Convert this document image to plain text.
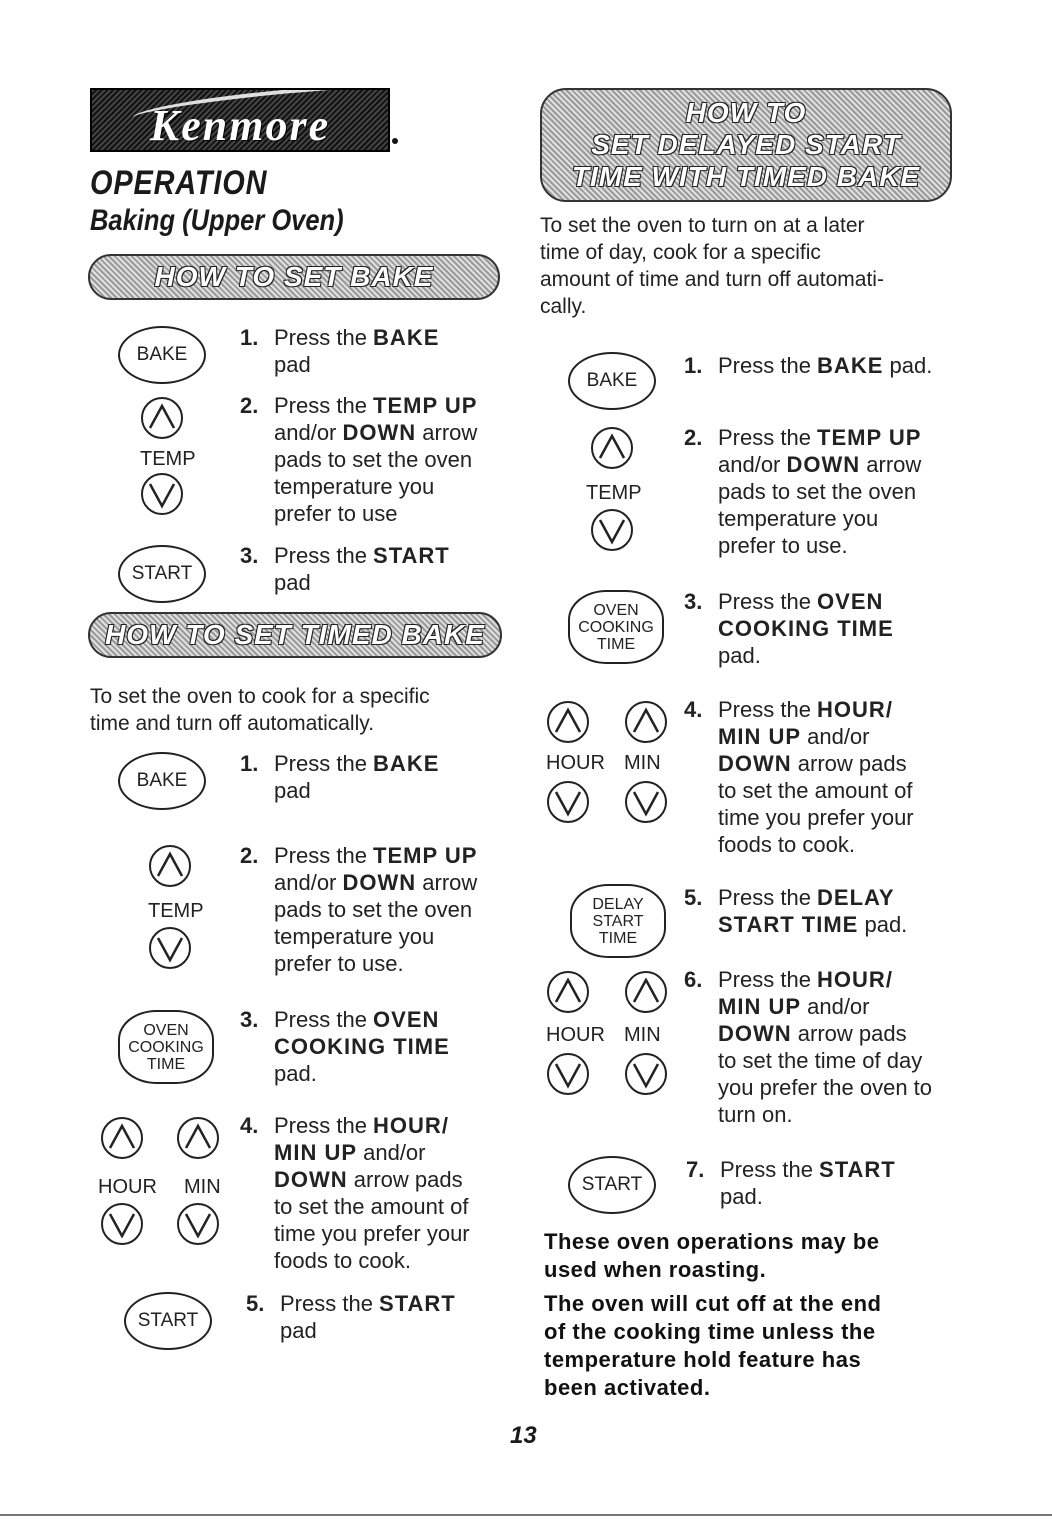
Kenmore
OPERATION
Baking (Upper Oven)
HOW TO SET BAKE
BAKE
TEMP
START
1. Press the BAKE
pad
2. Press the TEMP UP
and/or DOWN arrow
pads to set the oven
temperature you
prefer to use
3. Press the START
pad
HOW TO SET TIMED BAKE
To set the oven to cook for a specific
time and turn off automatically.
BAKE
TEMP
OVEN
COOKING
TIME
HOUR MIN
START
1. Press the BAKE
pad
2. Press the TEMP UP
and/or DOWN arrow
pads to set the oven
temperature you
prefer to use.
3. Press the OVEN
COOKING TIME
pad.
4. Press the HOUR/
MIN UP and/or
DOWN arrow pads
to set the amount of
time you prefer your
foods to cook.
5. Press the START
pad
HOW TO
SET DELAYED START
TIME WITH TIMED BAKE
To set the oven to turn on at a later
time of day, cook for a specific
amount of time and turn off automati-
cally.
BAKE
TEMP
OVEN
COOKING
TIME
HOUR MIN
DELAY
START
TIME
HOUR MIN
START
1. Press the BAKE pad.
2. Press the TEMP UP
and/or DOWN arrow
pads to set the oven
temperature you
prefer to use.
3. Press the OVEN
COOKING TIME
pad.
4. Press the HOUR/
MIN UP and/or
DOWN arrow pads
to set the amount of
time you prefer your
foods to cook.
5. Press the DELAY
START TIME pad.
6. Press the HOUR/
MIN UP and/or
DOWN arrow pads
to set the time of day
you prefer the oven to
turn on.
7. Press the START
pad.
These oven operations may be
used when roasting.
The oven will cut off at the end
of the cooking time unless the
temperature hold feature has
been activated.
13
